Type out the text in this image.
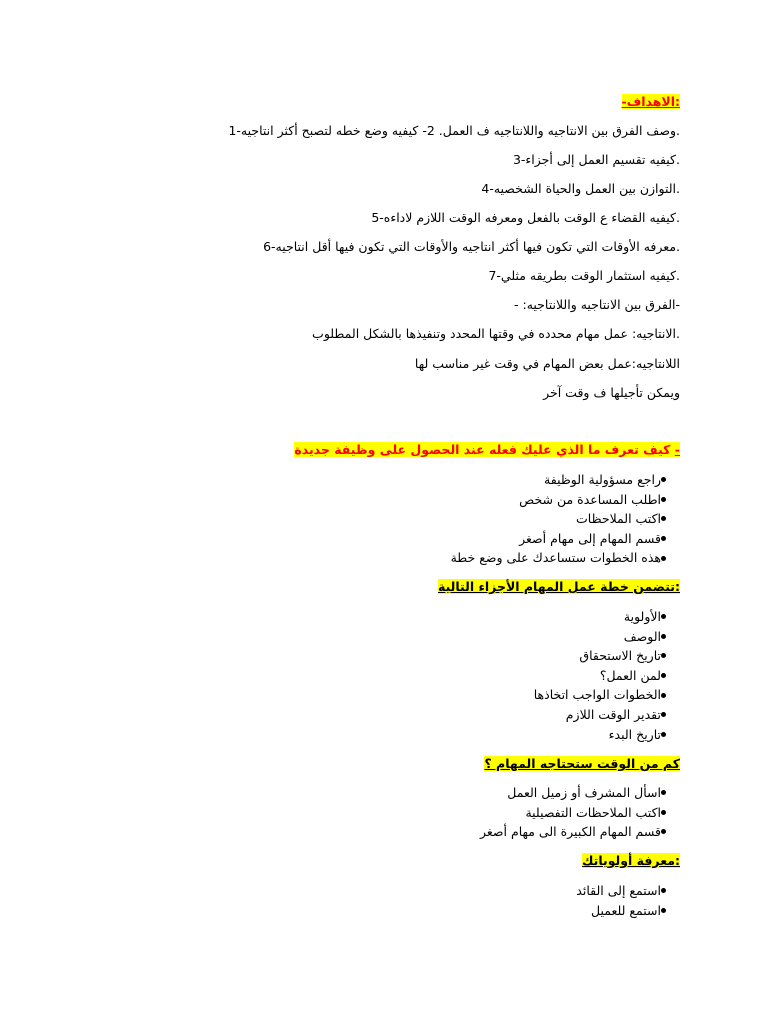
:الاهداف-
.وصف الفرق بين الانتاجيه واللانتاجيه ف العمل. 2- كيفيه وضع خطه لتصبح أكثر انتاجيه-1
.كيفيه تقسيم العمل إلى أجزاء-3
.التوازن بين العمل والحياة الشخصيه-4
.كيفيه القضاء ع الوقت بالفعل ومعرفه الوقت اللازم لاداءه-5
.معرفه الأوقات التي تكون فيها أكثر انتاجيه والأوقات التي تكون فيها أقل انتاجيه-6
.كيفيه استثمار الوقت بطريقه مثلي-7
-الفرق بين الانتاجيه واللانتاجيه: -
.الانتاجيه: عمل مهام محدده في وقتها المحدد وتنفيذها بالشكل المطلوب
اللانتاجيه:عمل بعض المهام في وقت غير مناسب لها
ويمكن تأجيلها ف وقت آخر
- كيف تعرف ما الذي عليك فعله عند الحصول على وظيفة جديدة
راجع مسؤولية الوظيفة
اطلب المساعدة من شخص
اكتب الملاحظات
قسم المهام إلى مهام أصغر
هذه الخطوات ستساعدك على وضع خطة
:تتضمن خطة عمل المهام الأجزاء التالية
الأولوية
الوصف
تاريخ الاستحقاق
لمن العمل؟
الخطوات الواجب اتخاذها
تقدير الوقت اللازم
تاريخ البدء
كم من الوقت ستحتاجه المهام ؟
اسأل المشرف أو زميل العمل
اكتب الملاحظات التفصيلية
قسم المهام الكبيرة الى مهام أصغر
:معرفة أولوياتك
استمع إلى القائد
استمع للعميل
